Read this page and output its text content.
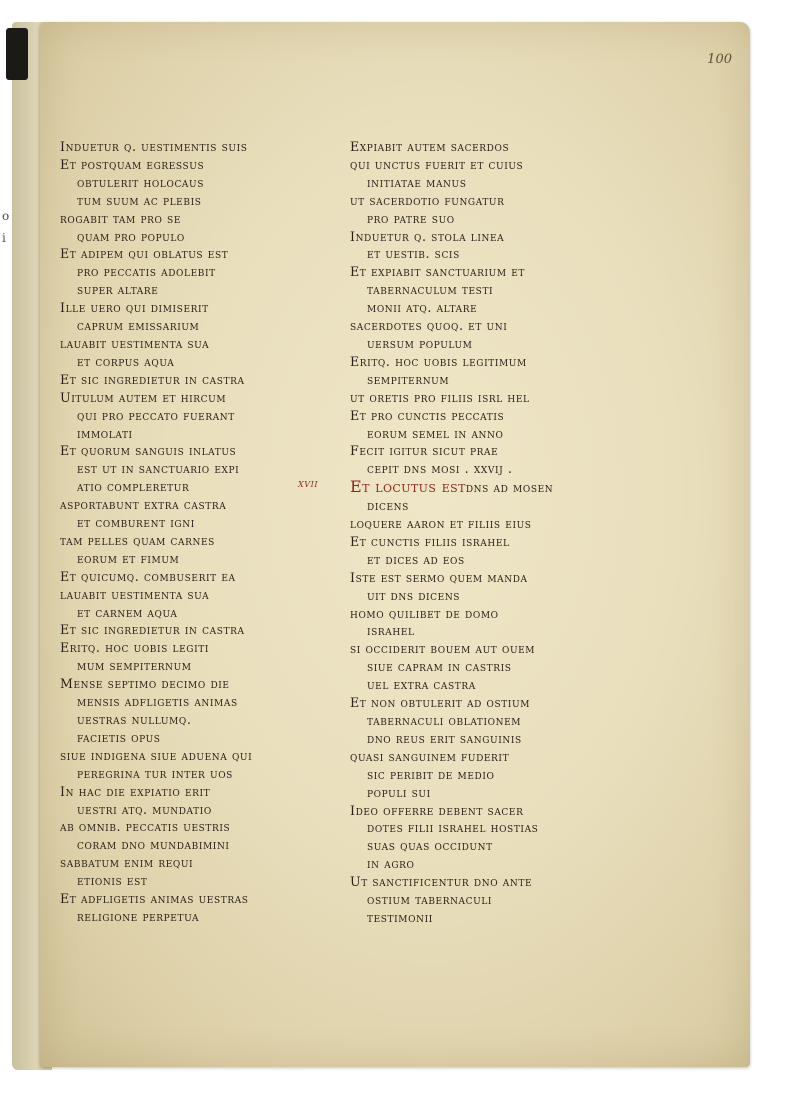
o
i
100
Induetur q. uestimentis suis
Et postquam egressus
obtulerit holocaus
tum suum ac plebis
rogabit tam pro se
quam pro populo
Et adipem qui oblatus est
pro peccatis adolebit
super altare
Ille uero qui dimiserit
caprum emissarium
lauabit uestimenta sua
et corpus aqua
Et sic ingredietur in castra
Uitulum autem et hircum
qui pro peccato fuerant
immolati
Et quorum sanguis inlatus
est ut in sanctuario expi
atio compleretur
asportabunt extra castra
et comburent igni
tam pelles quam carnes
eorum et fimum
Et quicumq. combuserit ea
lauabit uestimenta sua
et carnem aqua
Et sic ingredietur in castra
Eritq. hoc uobis legiti
mum sempiternum
Mense septimo decimo die
mensis adfligetis animas
uestras nullumq.
facietis opus
siue indigena siue aduena qui
peregrina tur inter uos
In hac die expiatio erit
uestri atq. mundatio
ab omnib. peccatis uestris
coram dno mundabimini
sabbatum enim requi
etionis est
Et adfligetis animas uestras
religione perpetua
Expiabit autem sacerdos
qui unctus fuerit et cuius
initiatae manus
ut sacerdotio fungatur
pro patre suo
Induetur q. stola linea
et uestib. scis
Et expiabit sanctuarium et
tabernaculum testi
monii atq. altare
sacerdotes quoq. et uni
uersum populum
Eritq. hoc uobis legitimum
sempiternum
ut oretis pro filiis isrl hel
Et pro cunctis peccatis
eorum semel in anno
Fecit igitur sicut prae
cepit dns mosi . xxvij .
xvii Et locutus estdns ad mosen
dicens
loquere aaron et filiis eius
Et cunctis filiis israhel
et dices ad eos
Iste est sermo quem manda
uit dns dicens
homo quilibet de domo
israhel
si occiderit bouem aut ouem
siue capram in castris
uel extra castra
Et non obtulerit ad ostium
tabernaculi oblationem
dno reus erit sanguinis
quasi sanguinem fuderit
sic peribit de medio
populi sui
Ideo offerre debent sacer
dotes filii israhel hostias
suas quas occidunt
in agro
Ut sanctificentur dno ante
ostium tabernaculi
testimonii
